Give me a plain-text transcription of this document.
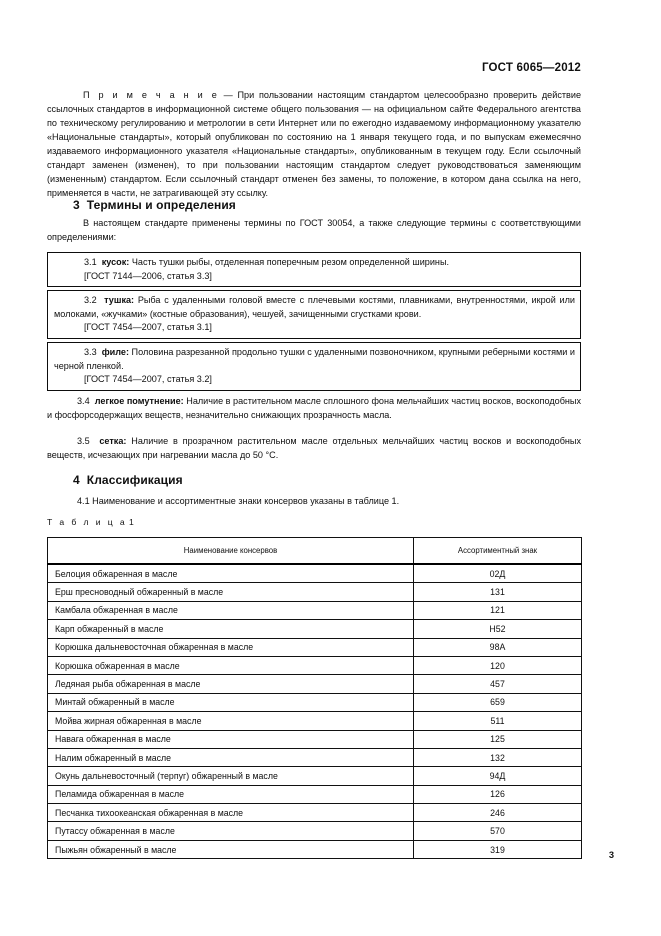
ГОСТ 6065—2012

П р и м е ч а н и е — При пользовании настоящим стандартом целесообразно проверить действие ссылочных стандартов в информационной системе общего пользования — на официальном сайте Федерального агентства по техническому регулированию и метрологии в сети Интернет или по ежегодно издаваемому информационному указателю «Национальные стандарты», который опубликован по состоянию на 1 января текущего года, и по выпускам ежемесячно издаваемого информационного указателя «Национальные стандарты», опубликованным в текущем году. Если ссылочный стандарт заменен (изменен), то при пользовании настоящим стандартом следует руководствоваться заменяющим (измененным) стандартом. Если ссылочный стандарт отменен без замены, то положение, в котором дана ссылка на него, применяется в части, не затрагивающей эту ссылку.

3 Термины и определения

В настоящем стандарте применены термины по ГОСТ 30054, а также следующие термины с соответствующими определениями:

3.1 кусок: Часть тушки рыбы, отделенная поперечным резом определенной ширины.

[ГОСТ 7144—2006, статья 3.3]

3.2 тушка: Рыба с удаленными головой вместе с плечевыми костями, плавниками, внутренностями, икрой или молоками, «жучками» (костные образования), чешуей, зачищенными сгустками крови.

[ГОСТ 7454—2007, статья 3.1]

3.3 филе: Половина разрезанной продольно тушки с удаленными позвоночником, крупными реберными костями и черной пленкой.

[ГОСТ 7454—2007, статья 3.2]

3.4 легкое помутнение: Наличие в растительном масле сплошного фона мельчайших частиц восков, воскоподобных и фосфорсодержащих веществ, незначительно снижающих прозрачность масла.

3.5 сетка: Наличие в прозрачном растительном масле отдельных мельчайших частиц восков и воскоподобных веществ, исчезающих при нагревании масла до 50 °C.

4 Классификация
4.1 Наименование и ассортиментные знаки консервов указаны в таблице 1.
Т а б л и ц а 1
Наименование консервов	Ассортиментный знак
Белоция обжаренная в масле	02Д
Ерш пресноводный обжаренный в масле	131
Камбала обжаренная в масле	121
Карп обжаренный в масле	Н52
Корюшка дальневосточная обжаренная в масле	98А
Корюшка обжаренная в масле	120
Ледяная рыба обжаренная в масле	457
Минтай обжаренный в масле	659
Мойва жирная обжаренная в масле	511
Навага обжаренная в масле	125
Налим обжаренный в масле	132
Окунь дальневосточный (терпуг) обжаренный в масле	94Д
Пеламида обжаренная в масле	126
Песчанка тихоокеанская обжаренная в масле	246
Путассу обжаренная в масле	570
Пыжьян обжаренный в масле	319
3
